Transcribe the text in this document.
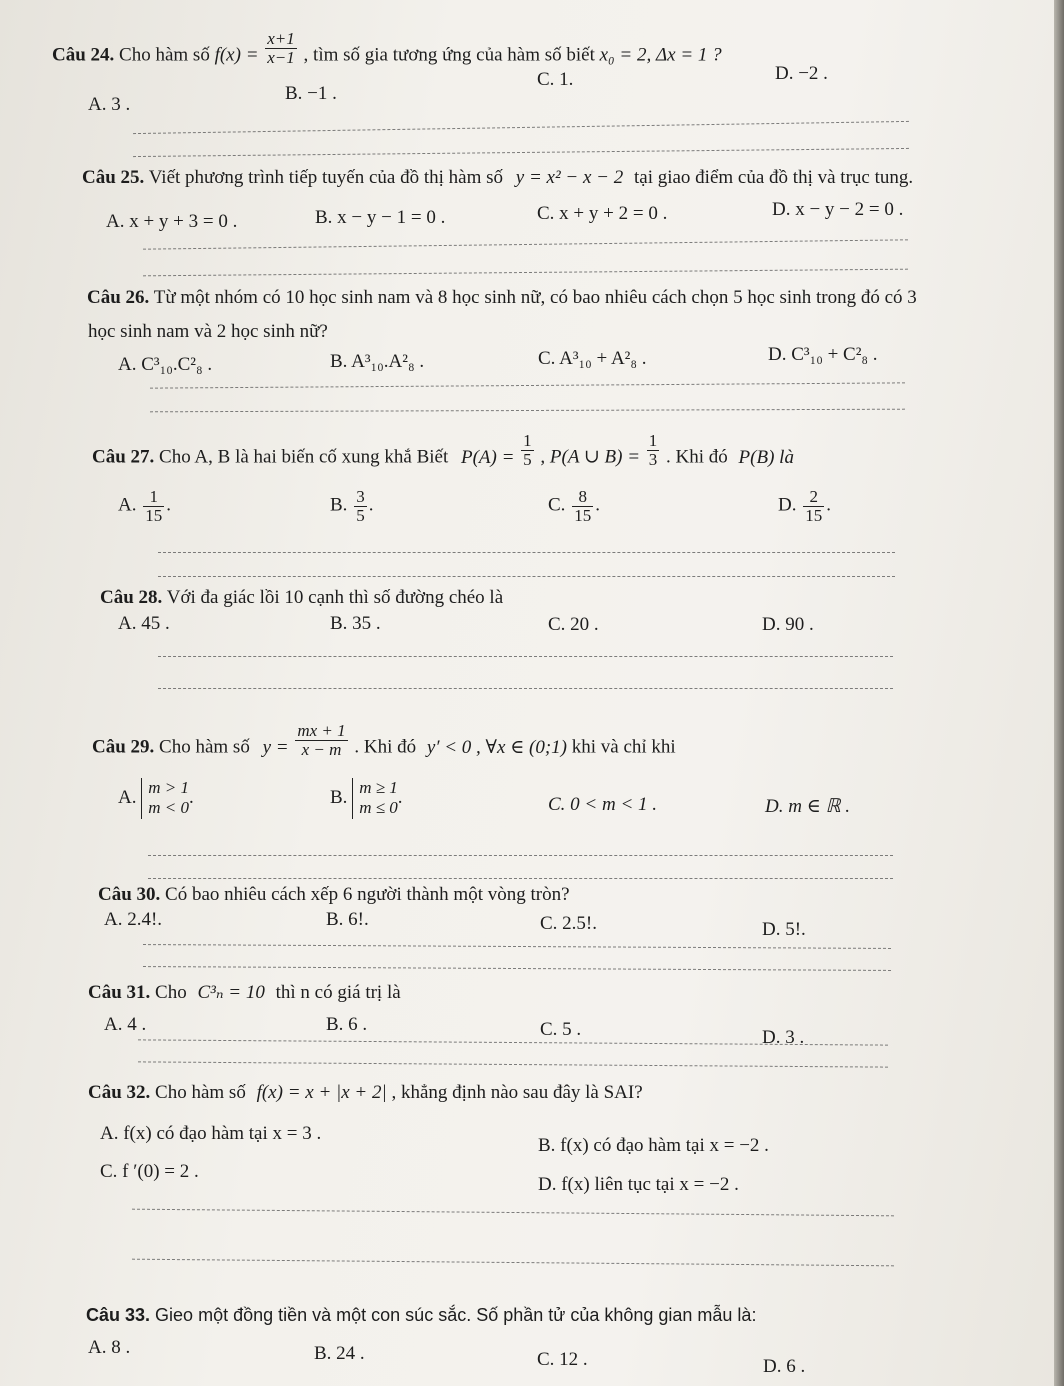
Câu 24. Cho hàm số $f(x) = \frac{x+1}{x-1}$ , tìm số gia tương ứng của hàm số biết x₀ = 2, Δx = 1 ?
A. 3 .
B. −1 .
C. 1.	D. −2 .
Câu 25. Viết phương trình tiếp tuyến của đồ thị hàm số y = x² − x − 2 tại giao điểm của đồ thị và trục tung.
A. x + y + 3 = 0 .	B. x − y − 1 = 0 .	C. x + y + 2 = 0 .	D. x − y − 2 = 0 .
Câu 26. Từ một nhóm có 10 học sinh nam và 8 học sinh nữ, có bao nhiêu cách chọn 5 học sinh trong đó có 3
học sinh nam và 2 học sinh nữ?
A. C³₁₀.C²₈ .	B. A³₁₀.A²₈ .	C. A³₁₀ + A²₈ .	D. C³₁₀ + C²₈ .
Câu 27. Cho A, B là hai biến cố xung khắ Biết $P(A) = \frac{1}{5}$ , P(A ∪ $B) = \frac{1}{3}$ . Khi đó P(B) là
A. $\frac{1}{15}$ .	B. $\frac{3}{5}$ .	C. $\frac{8}{15}$ .	D. $\frac{2}{15}$ .
Câu 28. Với đa giác lồi 10 cạnh thì số đường chéo là
A. 45 .	B. 35 .	C. 20 .	D. 90 .
Câu 29. Cho hàm số $y = \frac{mx + 1}{x - m}$ . Khi đó y′ < 0 , ∀x ∈ (0;1) khi và chỉ khi
A. m > 1
m < 0
.	B. m ≥ 1
m ≤ 0
.	C. 0 < m < 1 .	D. m ∈ ℝ .
Câu 30. Có bao nhiêu cách xếp 6 người thành một vòng tròn?
A. 2.4!.	B. 6!.	C. 2.5!.	D. 5!.
Câu 31. Cho C³ₙ = 10 thì n có giá trị là
A. 4 .	B. 6 .	C. 5 .	D. 3 .
Câu 32. Cho hàm số f(x) = x + |x + 2| , khẳng định nào sau đây là SAI?
A. f(x) có đạo hàm tại x = 3 .
B. f(x) có đạo hàm tại x = −2 .
C. f ′(0) = 2 .
D. f(x) liên tục tại x = −2 .
Câu 33. Gieo một đồng tiền và một con súc sắc. Số phần tử của không gian mẫu là:
A. 8 .	B. 24 .	C. 12 .	D. 6 .
